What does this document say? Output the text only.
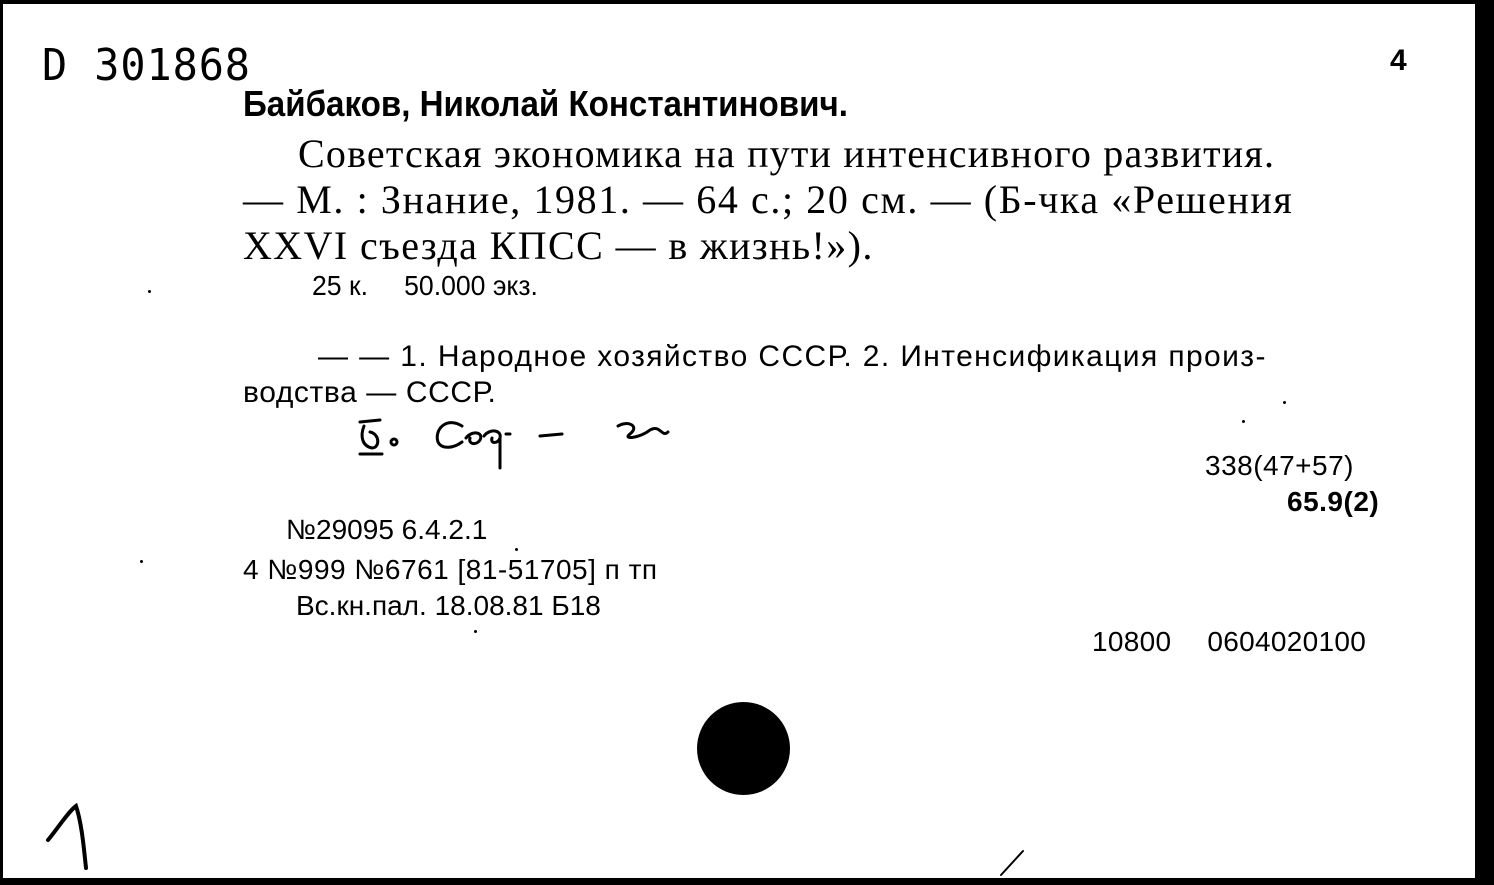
D 301868	4
Байбаков, Николай Константинович.
Советская экономика на пути интенсивного развития.
— М. : Знание, 1981. — 64 с.; 20 см. — (Б-чка «Решения
XXVI съезда КПСС — в жизнь!»).
25 к. 50.000 экз.
— — 1. Народное хозяйство СССР. 2. Интенсификация произ-
водства — СССР.
338(47+57)
65.9(2)
№29095 6.4.2.1
4 №999 №6761 [81-51705] п тп
Вс.кн.пал. 18.08.81 Б18
10800 0604020100
